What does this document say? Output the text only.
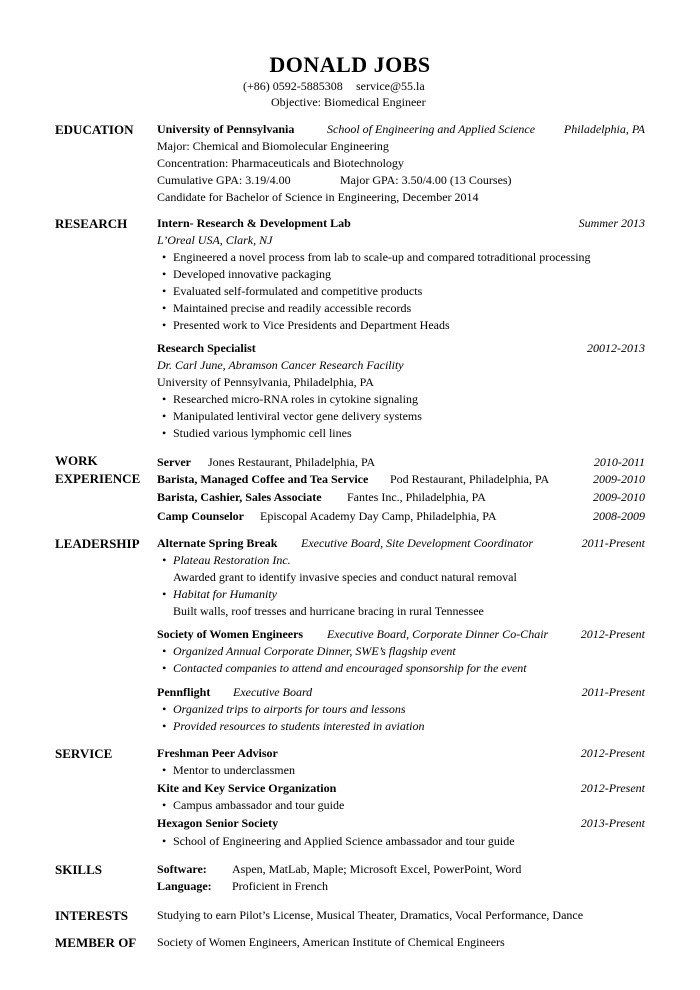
DONALD JOBS
(+86) 0592-5885308 service@55.la
Objective: Biomedical Engineer
EDUCATION University of Pennsylvania	School of Engineering and Applied Science Philadelphia, PA
Major: Chemical and Biomolecular Engineering
Concentration: Pharmaceuticals and Biotechnology
Cumulative GPA: 3.19/4.00	Major GPA: 3.50/4.00 (13 Courses)
Candidate for Bachelor of Science in Engineering, December 2014
RESEARCH Intern- Research & Development Lab	Summer 2013
L’Oreal USA, Clark, NJ
• Engineered a novel process from lab to scale-up and compared totraditional processing
• Developed innovative packaging
• Evaluated self-formulated and competitive products
• Maintained precise and readily accessible records
• Presented work to Vice Presidents and Department Heads
Research Specialist	20012-2013
Dr. Carl June, Abramson Cancer Research Facility
University of Pennsylvania, Philadelphia, PA
• Researched micro-RNA roles in cytokine signaling
• Manipulated lentiviral vector gene delivery systems
• Studied various lymphomic cell lines
WORK
EXPERIENCE
Server Jones Restaurant, Philadelphia, PA	2010-2011
Barista, Managed Coffee and Tea Service Pod Restaurant, Philadelphia, PA	2009-2010
Barista, Cashier, Sales Associate Fantes Inc., Philadelphia, PA	2009-2010
Camp Counselor Episcopal Academy Day Camp, Philadelphia, PA	2008-2009
LEADERSHIP Alternate Spring Break Executive Board, Site Development Coordinator	2011-Present
• Plateau Restoration Inc.
Awarded grant to identify invasive species and conduct natural removal
• Habitat for Humanity
Built walls, roof tresses and hurricane bracing in rural Tennessee
Society of Women Engineers Executive Board, Corporate Dinner Co-Chair	2012-Present
• Organized Annual Corporate Dinner, SWE’s flagship event
• Contacted companies to attend and encouraged sponsorship for the event
Pennflight Executive Board	2011-Present
• Organized trips to airports for tours and lessons
• Provided resources to students interested in aviation
SERVICE	Freshman Peer Advisor	2012-Present
• Mentor to underclassmen
Kite and Key Service Organization	2012-Present
• Campus ambassador and tour guide
Hexagon Senior Society	2013-Present
• School of Engineering and Applied Science ambassador and tour guide
SKILLS	Software: Aspen, MatLab, Maple; Microsoft Excel, PowerPoint, Word
Language: Proficient in French
INTERESTS Studying to earn Pilot’s License, Musical Theater, Dramatics, Vocal Performance, Dance
MEMBER OF Society of Women Engineers, American Institute of Chemical Engineers
